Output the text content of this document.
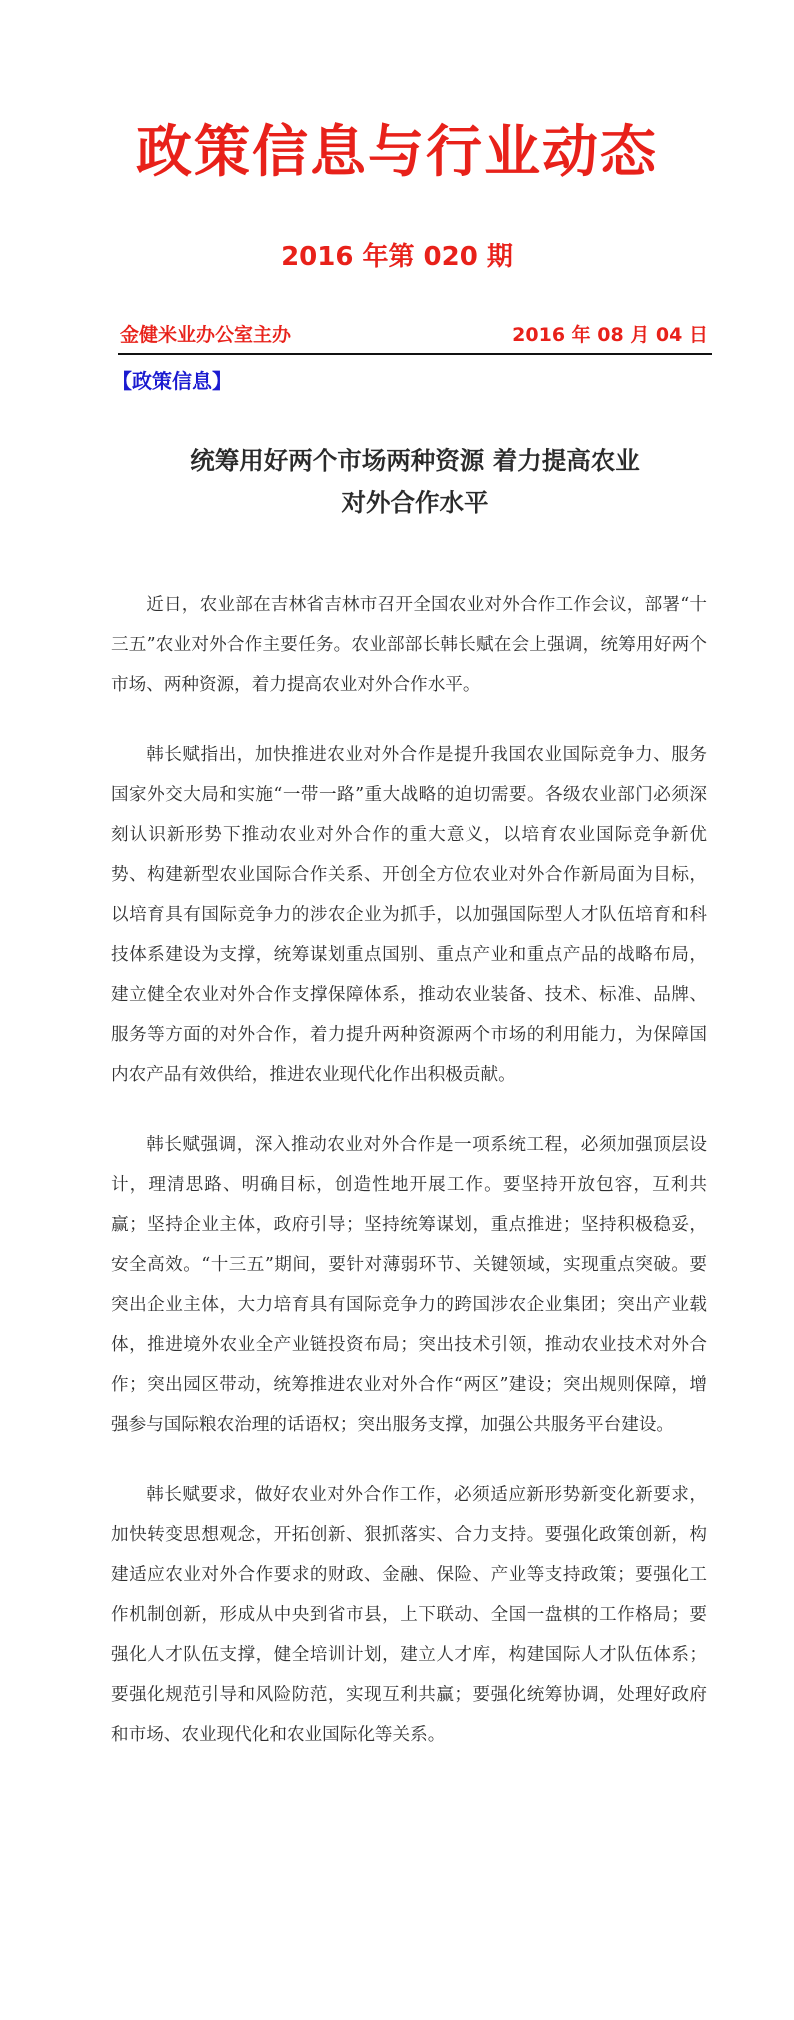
政策信息与行业动态
2016 年第 020 期
金健米业办公室主办	2016 年 08 月 04 日
【政策信息】
统筹用好两个市场两种资源 着力提高农业
对外合作水平

近日，农业部在吉林省吉林市召开全国农业对外合作工作会议，部署“十三五”农业对外合作主要任务。农业部部长韩长赋在会上强调，统筹用好两个市场、两种资源，着力提高农业对外合作水平。

韩长赋指出，加快推进农业对外合作是提升我国农业国际竞争力、服务国家外交大局和实施“一带一路”重大战略的迫切需要。各级农业部门必须深刻认识新形势下推动农业对外合作的重大意义，以培育农业国际竞争新优势、构建新型农业国际合作关系、开创全方位农业对外合作新局面为目标，以培育具有国际竞争力的涉农企业为抓手，以加强国际型人才队伍培育和科技体系建设为支撑，统筹谋划重点国别、重点产业和重点产品的战略布局，建立健全农业对外合作支撑保障体系，推动农业装备、技术、标准、品牌、服务等方面的对外合作，着力提升两种资源两个市场的利用能力，为保障国内农产品有效供给，推进农业现代化作出积极贡献。

韩长赋强调，深入推动农业对外合作是一项系统工程，必须加强顶层设计，理清思路、明确目标，创造性地开展工作。要坚持开放包容，互利共赢；坚持企业主体，政府引导；坚持统筹谋划，重点推进；坚持积极稳妥，安全高效。“十三五”期间，要针对薄弱环节、关键领域，实现重点突破。要突出企业主体，大力培育具有国际竞争力的跨国涉农企业集团；突出产业载体，推进境外农业全产业链投资布局；突出技术引领，推动农业技术对外合作；突出园区带动，统筹推进农业对外合作“两区”建设；突出规则保障，增强参与国际粮农治理的话语权；突出服务支撑，加强公共服务平台建设。

韩长赋要求，做好农业对外合作工作，必须适应新形势新变化新要求，加快转变思想观念，开拓创新、狠抓落实、合力支持。要强化政策创新，构建适应农业对外合作要求的财政、金融、保险、产业等支持政策；要强化工作机制创新，形成从中央到省市县，上下联动、全国一盘棋的工作格局；要强化人才队伍支撑，健全培训计划，建立人才库，构建国际人才队伍体系；要强化规范引导和风险防范，实现互利共赢；要强化统筹协调，处理好政府和市场、农业现代化和农业国际化等关系。
